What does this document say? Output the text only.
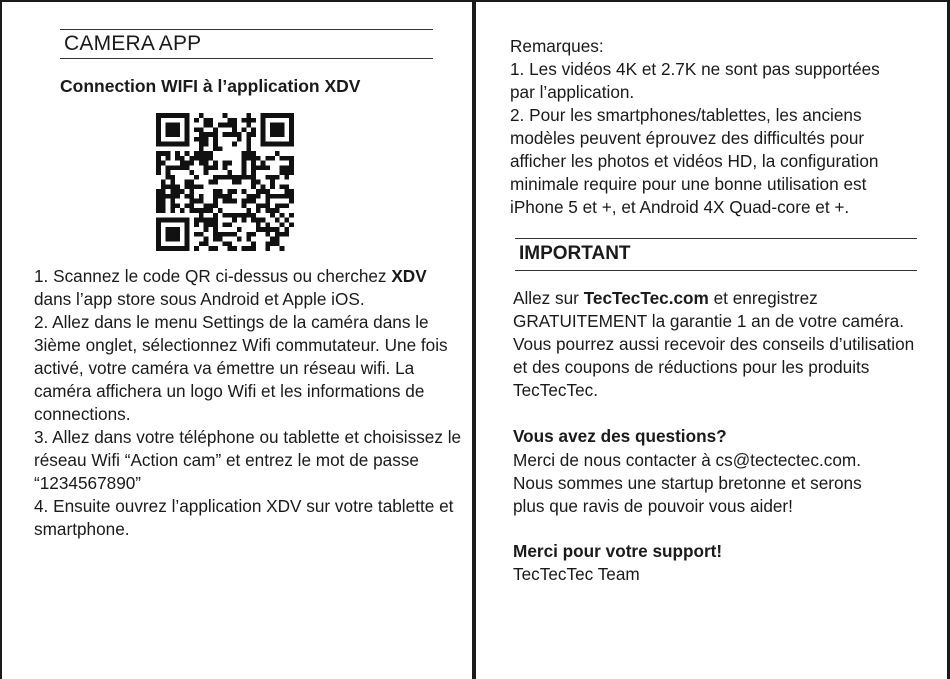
CAMERA APP
Connection WIFI à l’application XDV
1. Scannez le code QR ci-dessus ou cherchez XDV dans l’app store sous Android et Apple iOS.
2. Allez dans le menu Settings de la caméra dans le 3ième onglet, sélectionnez Wifi commutateur. Une fois activé, votre caméra va émettre un réseau wifi. La caméra affichera un logo Wifi et les informations de connections.
3. Allez dans votre téléphone ou tablette et choisissez le réseau Wifi “Action cam” et entrez le mot de passe “1234567890”
4. Ensuite ouvrez l’application XDV sur votre tablette et smartphone.
Remarques:
1. Les vidéos 4K et 2.7K ne sont pas supportées
par l’application.
2. Pour les smartphones/tablettes, les anciens
modèles peuvent éprouvez des difficultés pour
afficher les photos et vidéos HD, la configuration
minimale require pour une bonne utilisation est
iPhone 5 et +, et Android 4X Quad-core et +.
IMPORTANT
Allez sur TecTecTec.com et enregistrez GRATUITEMENT la garantie 1 an de votre caméra. Vous pourrez aussi recevoir des conseils d’utilisation et des coupons de réductions pour les produits TecTecTec.
Vous avez des questions?
Merci de nous contacter à cs@tectectec.com.
Nous sommes une startup bretonne et serons
plus que ravis de pouvoir vous aider!
Merci pour votre support!
TecTecTec Team
